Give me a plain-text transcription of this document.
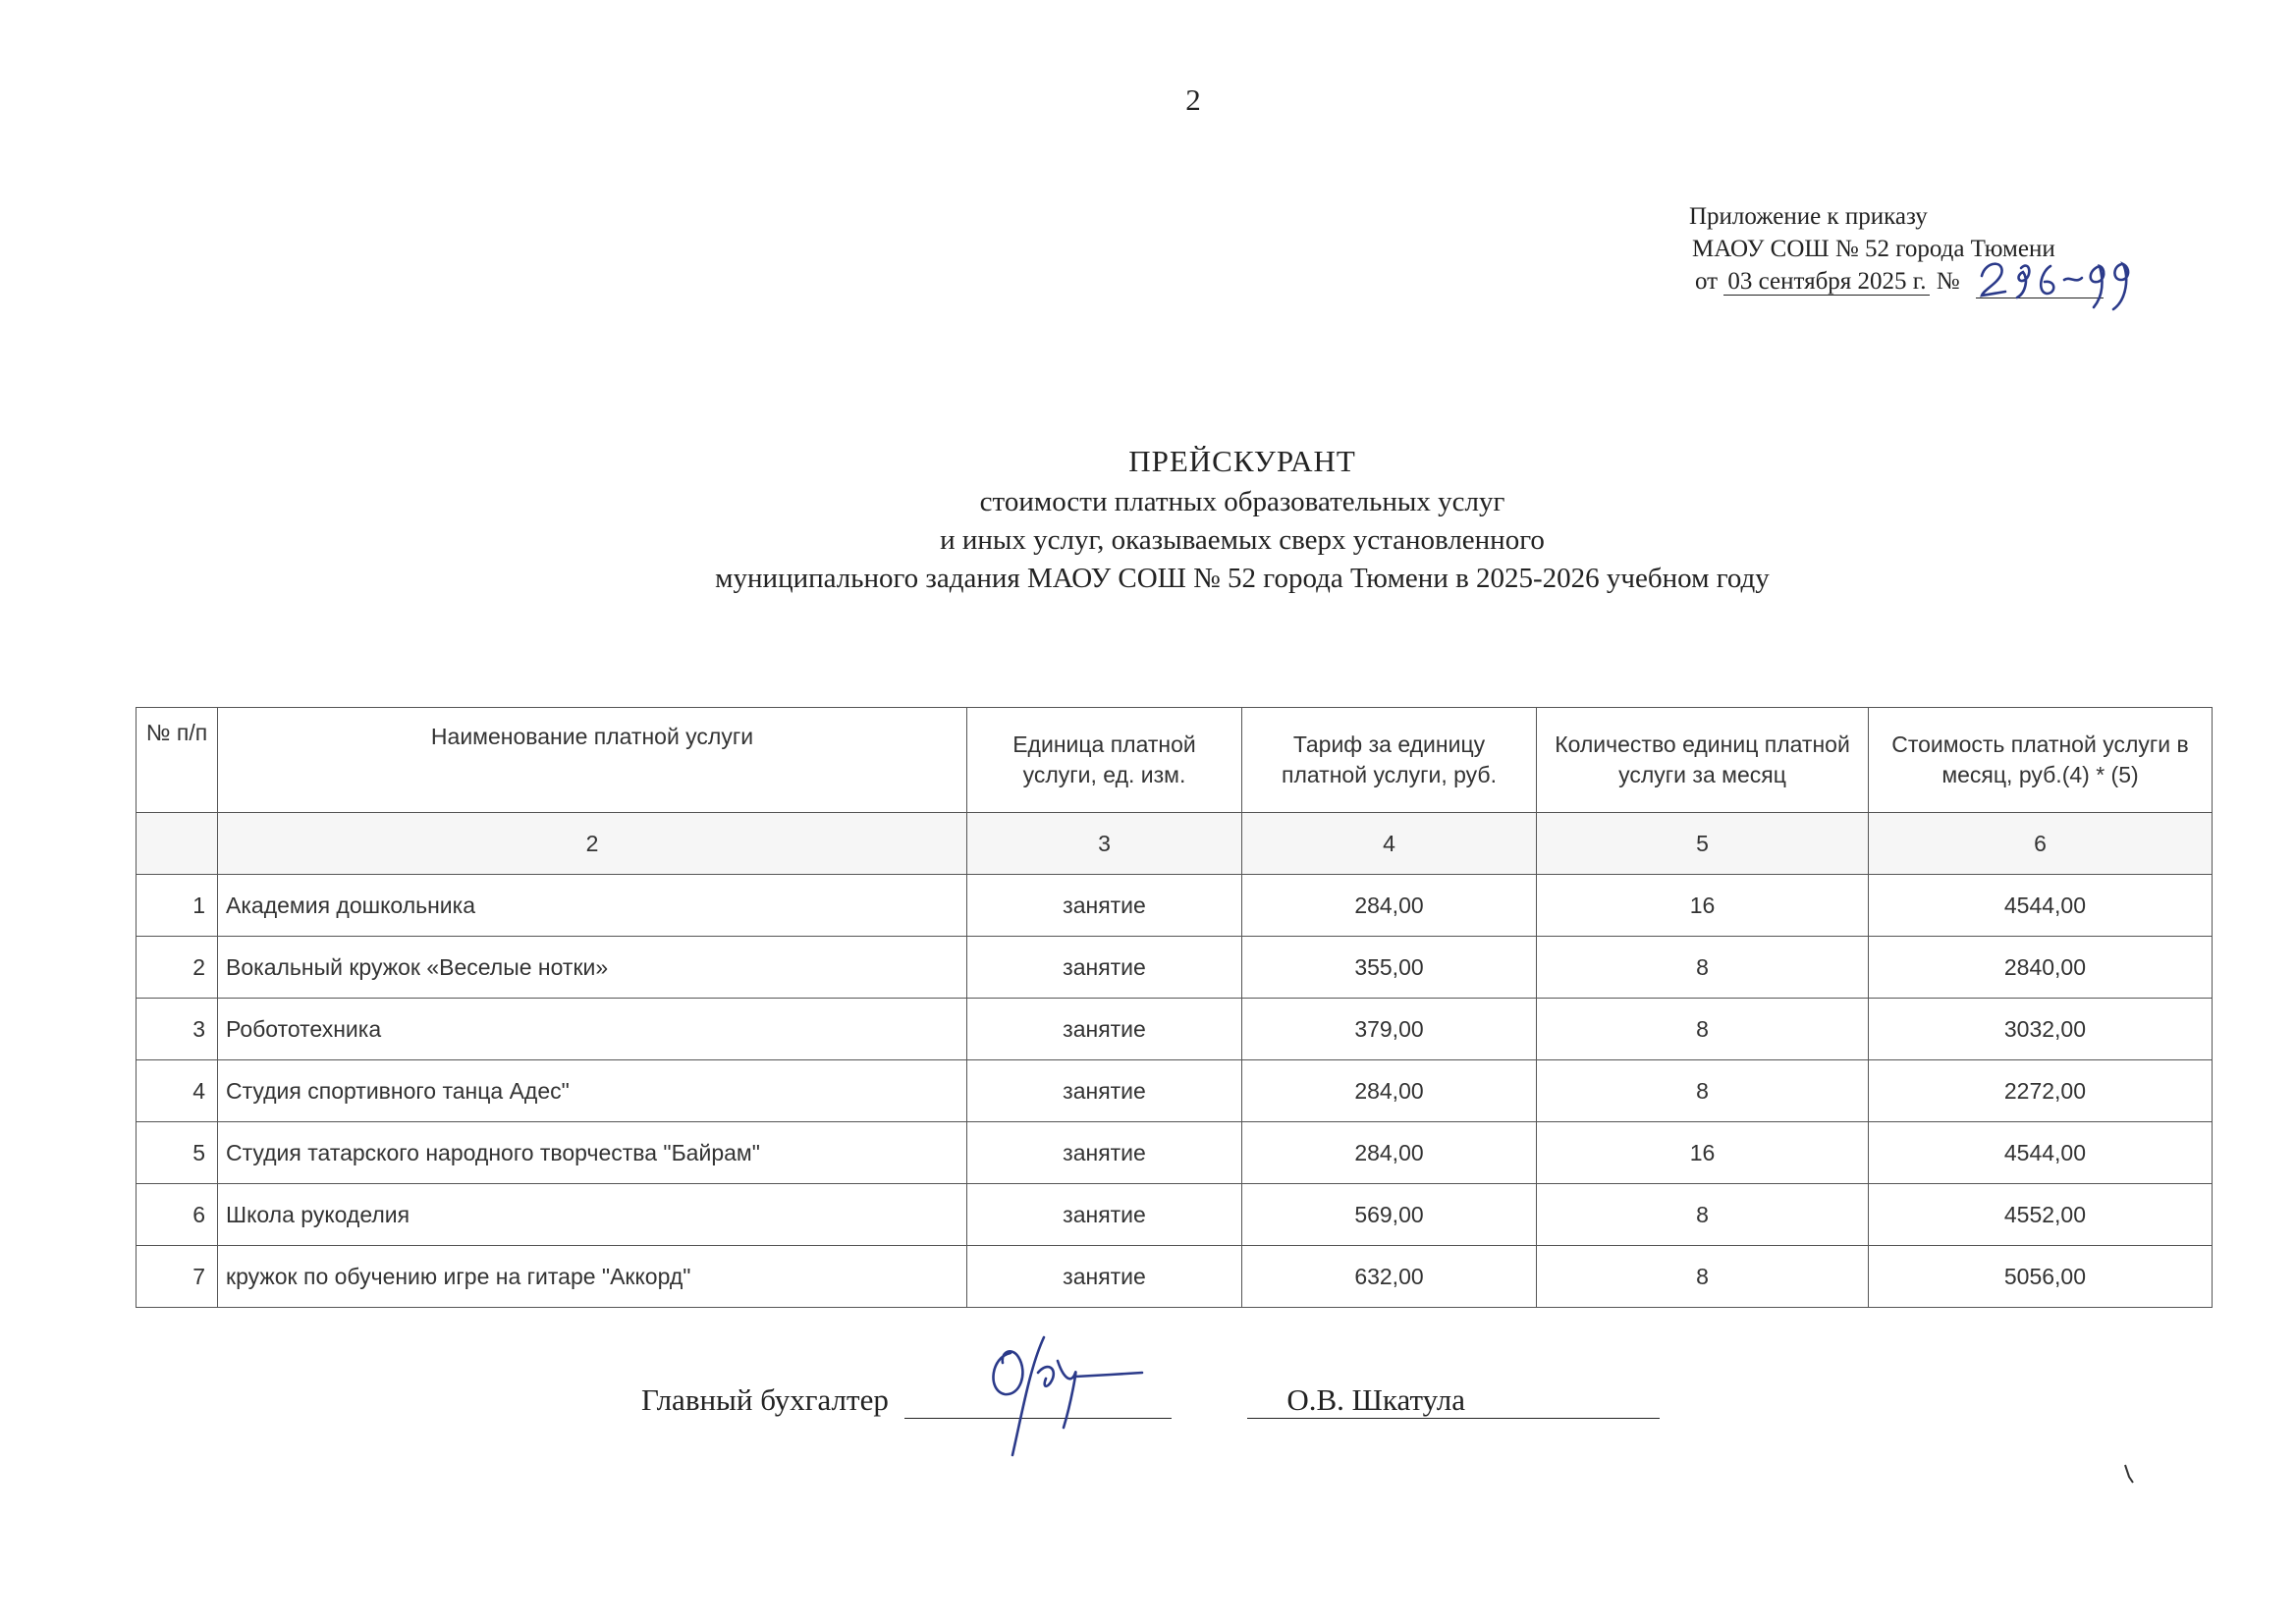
2
Приложение к приказу
МАОУ СОШ № 52 города Тюмени
от 03 сентября 2025 г. №
ПРЕЙСКУРАНТ
стоимости платных образовательных услуг
и иных услуг, оказываемых сверх установленного
муниципального задания МАОУ СОШ № 52 города Тюмени в 2025-2026 учебном году
№ п/п	Наименование платной услуги	Единица платной услуги, ед. изм.	Тариф за единицу платной услуги, руб.	Количество единиц платной услуги за месяц	Стоимость платной услуги в месяц, руб.(4) * (5)
	2	3	4	5	6
1	Академия дошкольника	занятие	284,00	16	4544,00
2	Вокальный кружок «Веселые нотки»	занятие	355,00	8	2840,00
3	Робототехника	занятие	379,00	8	3032,00
4	Студия спортивного танца Адес"	занятие	284,00	8	2272,00
5	Студия татарского народного творчества "Байрам"	занятие	284,00	16	4544,00
6	Школа рукоделия	занятие	569,00	8	4552,00
7	кружок по обучению игре на гитаре "Аккорд"	занятие	632,00	8	5056,00
Главный бухгалтер	О.В. Шкатула
